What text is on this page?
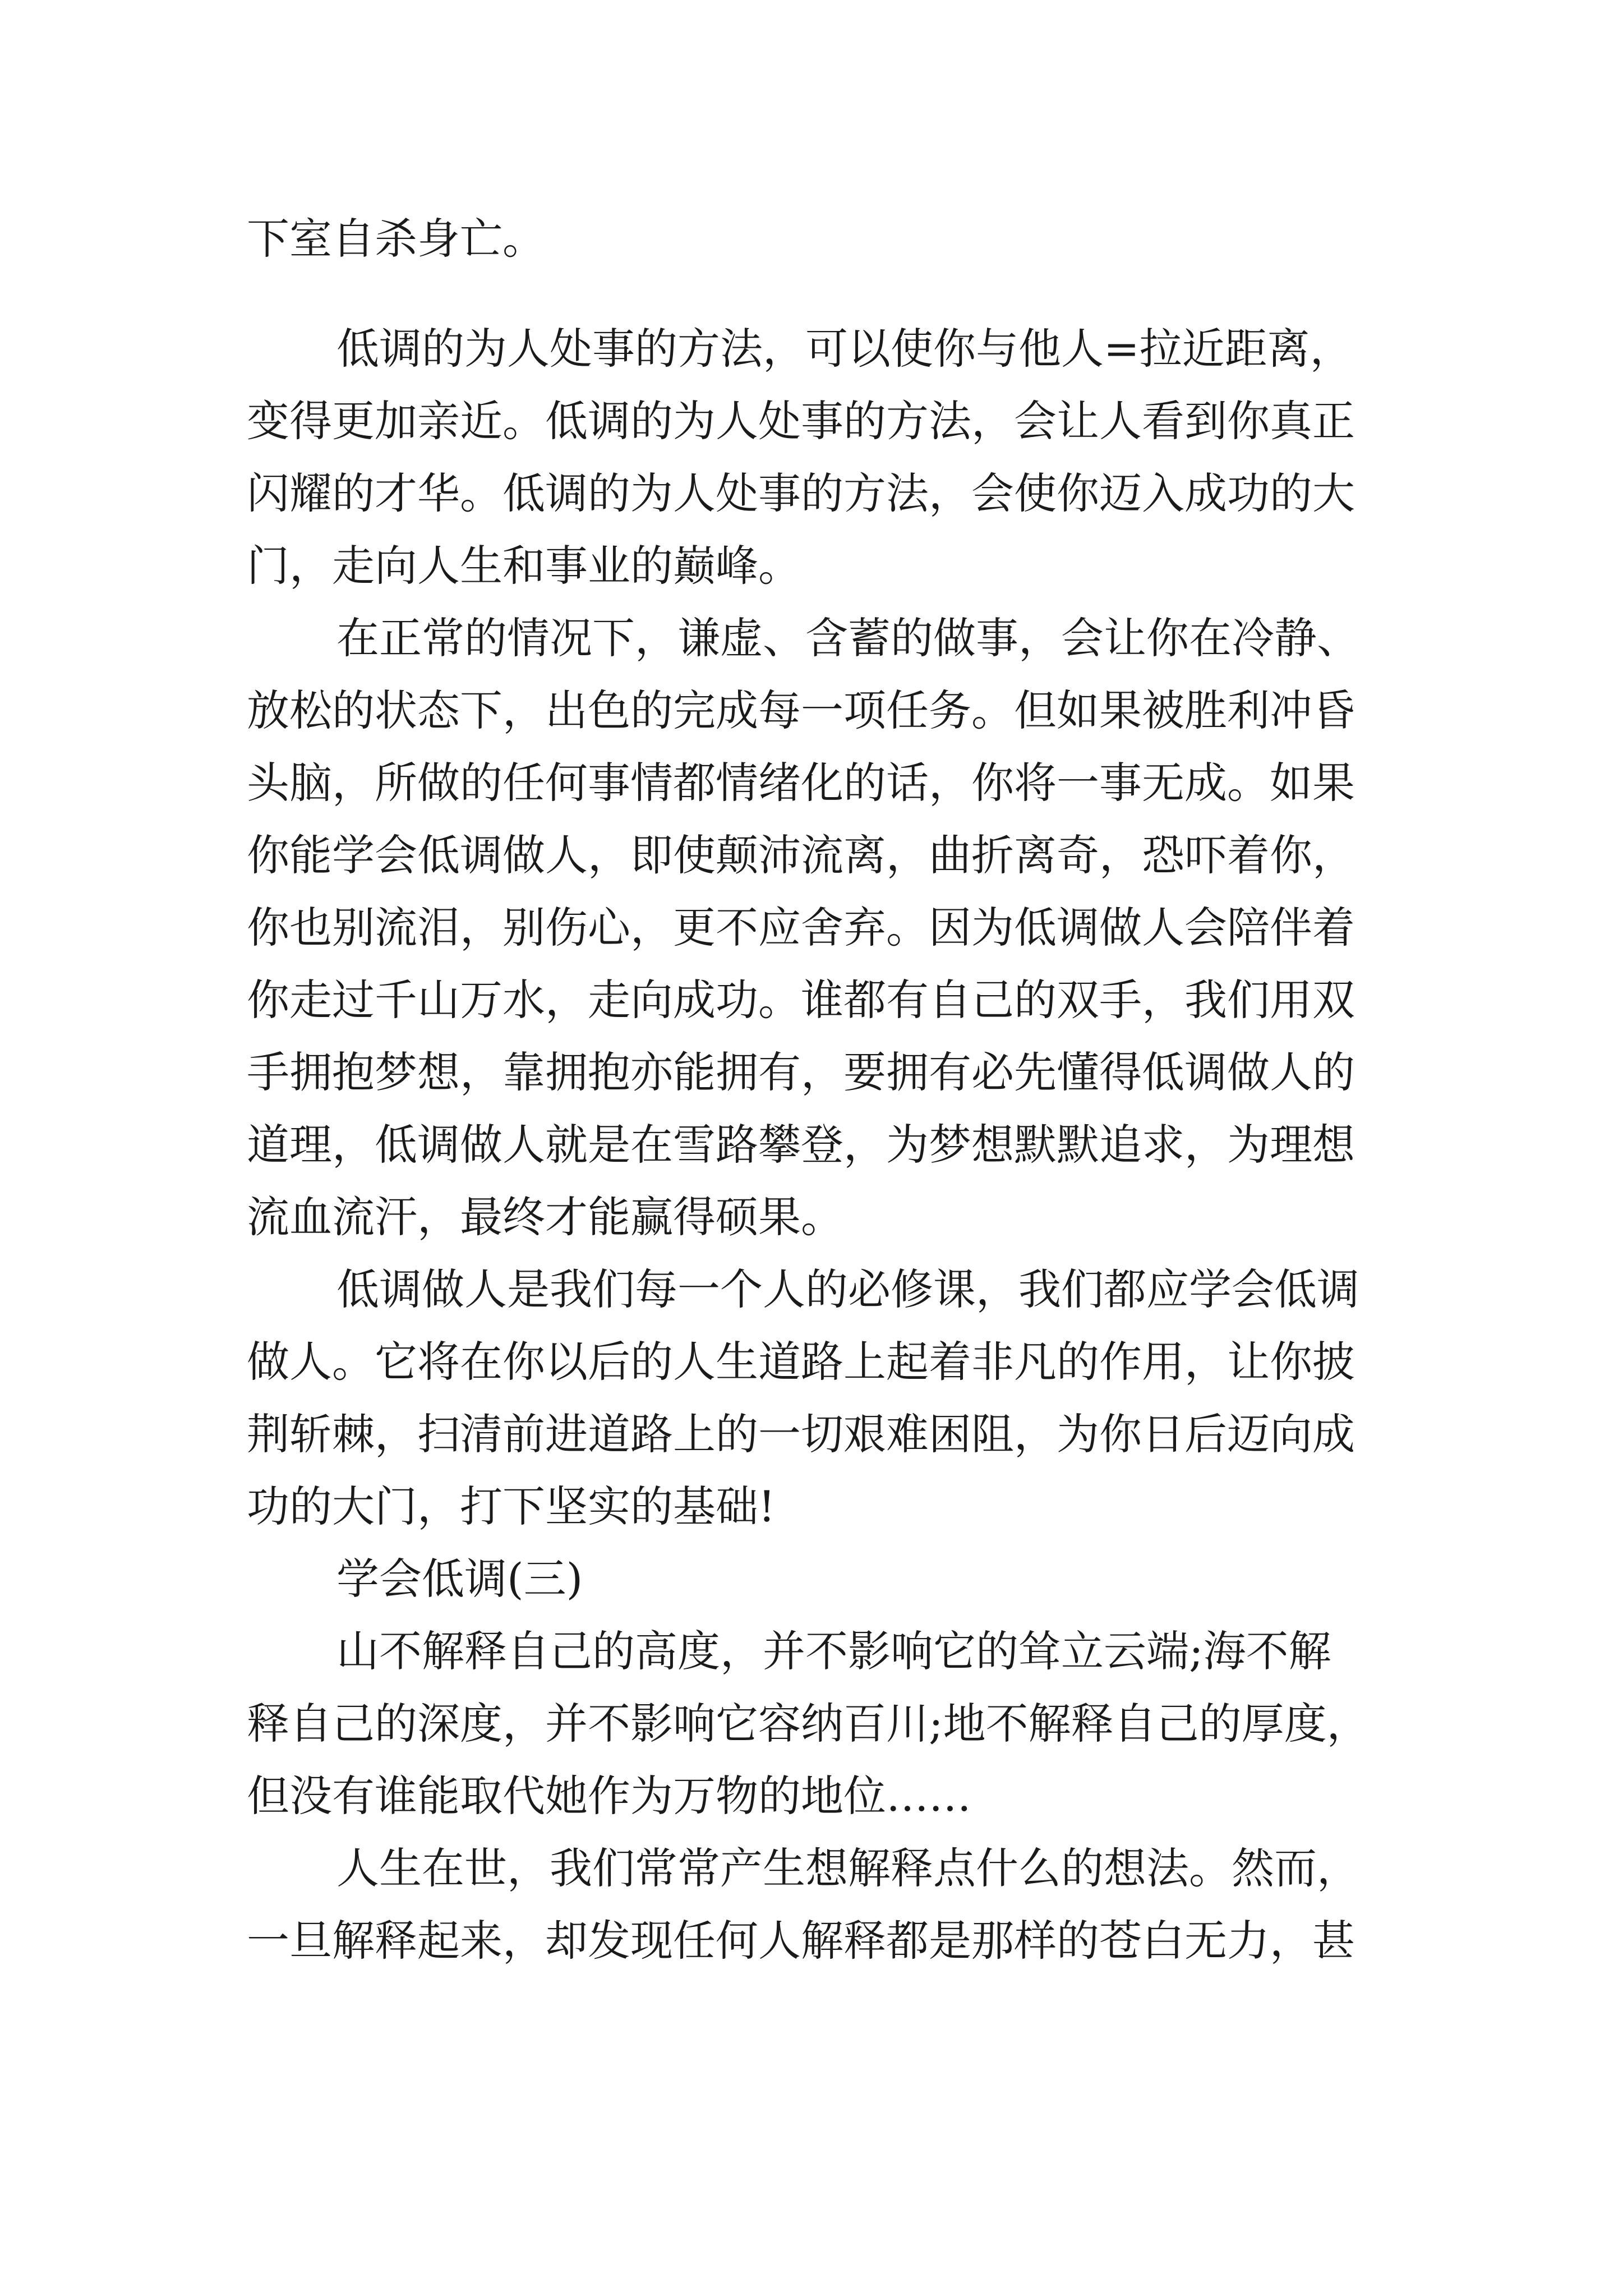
下室自杀身亡。

低调的为人处事的方法，可以使你与他人=拉近距离，

变得更加亲近。低调的为人处事的方法，会让人看到你真正

闪耀的才华。低调的为人处事的方法，会使你迈入成功的大

门，走向人生和事业的巅峰。

在正常的情况下，谦虚、含蓄的做事，会让你在冷静、

放松的状态下，出色的完成每一项任务。但如果被胜利冲昏

头脑，所做的任何事情都情绪化的话，你将一事无成。如果

你能学会低调做人，即使颠沛流离，曲折离奇，恐吓着你，

你也别流泪，别伤心，更不应舍弃。因为低调做人会陪伴着

你走过千山万水，走向成功。谁都有自己的双手，我们用双

手拥抱梦想，靠拥抱亦能拥有，要拥有必先懂得低调做人的

道理，低调做人就是在雪路攀登，为梦想默默追求，为理想

流血流汗，最终才能赢得硕果。

低调做人是我们每一个人的必修课，我们都应学会低调

做人。它将在你以后的人生道路上起着非凡的作用，让你披

荆斩棘，扫清前进道路上的一切艰难困阻，为你日后迈向成

功的大门，打下坚实的基础!

学会低调(三)

山不解释自己的高度，并不影响它的耸立云端;海不解

释自己的深度，并不影响它容纳百川;地不解释自己的厚度，

但没有谁能取代她作为万物的地位……

人生在世，我们常常产生想解释点什么的想法。然而，

一旦解释起来，却发现任何人解释都是那样的苍白无力，甚
